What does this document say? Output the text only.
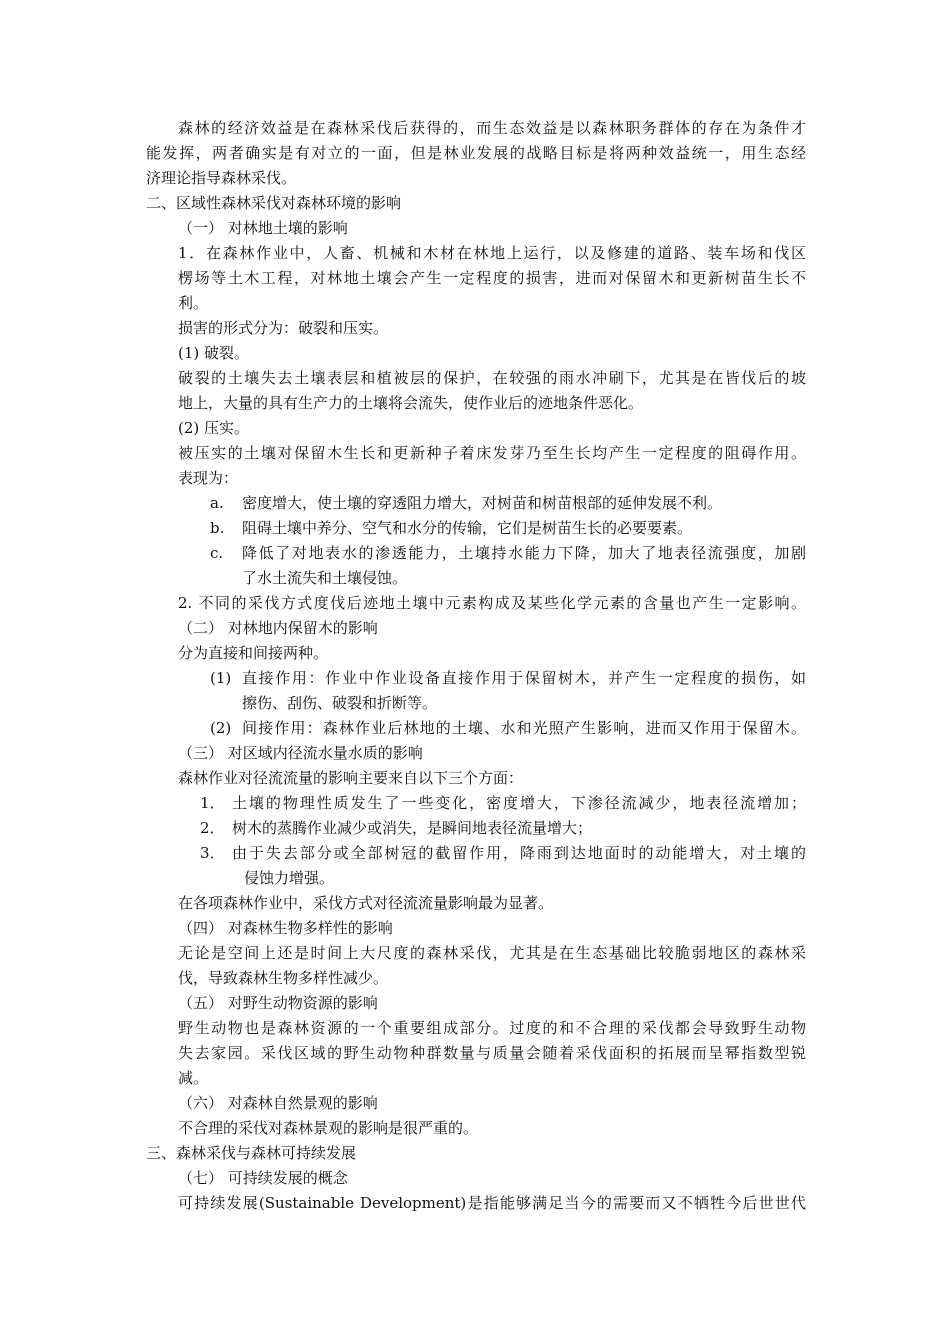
森林的经济效益是在森林采伐后获得的，而生态效益是以森林职务群体的存在为条件才
能发挥，两者确实是有对立的一面，但是林业发展的战略目标是将两种效益统一，用生态经
济理论指导森林采伐。
二、区域性森林采伐对森林环境的影响
（一） 对林地土壤的影响
1．在森林作业中，人畜、机械和木材在林地上运行，以及修建的道路、装车场和伐区
楞场等土木工程，对林地土壤会产生一定程度的损害，进而对保留木和更新树苗生长不
利。
损害的形式分为：破裂和压实。
(1) 破裂。
破裂的土壤失去土壤表层和植被层的保护，在较强的雨水冲刷下，尤其是在皆伐后的坡
地上，大量的具有生产力的土壤将会流失，使作业后的迹地条件恶化。
(2) 压实。
被压实的土壤对保留木生长和更新种子着床发芽乃至生长均产生一定程度的阻碍作用。
表现为：
a. 密度增大，使土壤的穿透阻力增大，对树苗和树苗根部的延伸发展不利。
b. 阻碍土壤中养分、空气和水分的传输，它们是树苗生长的必要要素。
c. 降低了对地表水的渗透能力，土壤持水能力下降，加大了地表径流强度，加剧
了水土流失和土壤侵蚀。
2. 不同的采伐方式度伐后迹地土壤中元素构成及某些化学元素的含量也产生一定影响。
（二） 对林地内保留木的影响
分为直接和间接两种。
(1) 直接作用：作业中作业设备直接作用于保留树木，并产生一定程度的损伤，如
擦伤、刮伤、破裂和折断等。
(2) 间接作用：森林作业后林地的土壤、水和光照产生影响，进而又作用于保留木。
（三） 对区域内径流水量水质的影响
森林作业对径流流量的影响主要来自以下三个方面：
1． 土壤的物理性质发生了一些变化，密度增大，下渗径流减少，地表径流增加；
2． 树木的蒸腾作业减少或消失，是瞬间地表径流量增大；
3． 由于失去部分或全部树冠的截留作用，降雨到达地面时的动能增大，对土壤的
侵蚀力增强。
在各项森林作业中，采伐方式对径流流量影响最为显著。
（四） 对森林生物多样性的影响
无论是空间上还是时间上大尺度的森林采伐，尤其是在生态基础比较脆弱地区的森林采
伐，导致森林生物多样性减少。
（五） 对野生动物资源的影响
野生动物也是森林资源的一个重要组成部分。过度的和不合理的采伐都会导致野生动物
失去家园。采伐区域的野生动物种群数量与质量会随着采伐面积的拓展而呈幂指数型锐
减。
（六） 对森林自然景观的影响
不合理的采伐对森林景观的影响是很严重的。
三、森林采伐与森林可持续发展
（七） 可持续发展的概念
可持续发展(Sustainable Development)是指能够满足当今的需要而又不牺牲今后世世代
